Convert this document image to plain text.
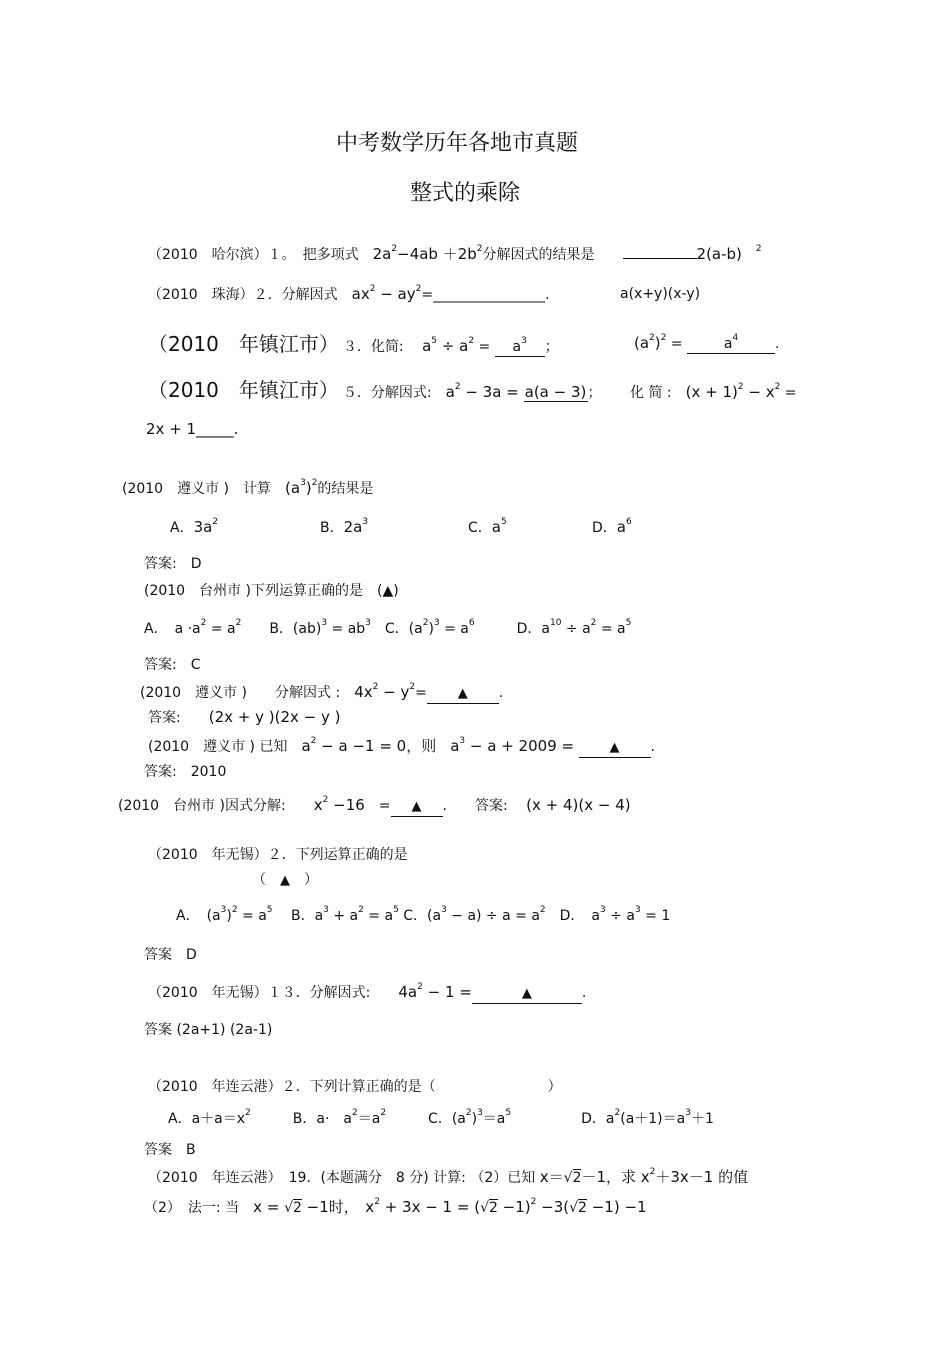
中考数学历年各地市真题
整式的乘除
（2010　哈尔滨）１。　 把多项式　 $2a^2-4ab +2b^2$分解因式的结果是　　	2(a-b)　 $^2$
（2010　珠海）２．分解因式　 $ax^2$ − $ay^2=\_\_\_\_\_\_\_\_\_\_\_\_\_\_\_\_$.	a(x+y)(x-y)
（2010　年镇江市）　 ３．化简:　 $a^5 \div a^2 = a^3$ ；	$(a^2)^2$ =	$a^4$	.
（2010　年镇江市）　 ５．分解因式:　 $a^2 - 3a = a(a - 3)$； 化 简 :　 $(x + 1)^2 - x^2$ =
2x + 1_____.
(2010　遵义市 )　 计算　 $(a^3)^2$的结果是
A．$3a^2$	B．$2a^3$	C．$a^5$	D．$a^6$
答案:　D
(2010　台州市 )下列运算正确的是　 (▲)
A．　$a \cdot a^2 = a^2$　　 B．$(ab)^3 = ab^3$　 C．$(a^2)^3 = a^6$　　　	D．$a^{10} \div a^2 = a^5$
答案:　C
(2010　遵义市 )　　 分解因式 :　 $4x^2 - y^2=$ ▲ .
答案:　　 (2x + y )(2x − y )
(2010　遵义市 ) 已知　 $a^2 - a -1 = 0$，则　 $a^3 - a + 2009$ =	▲ .
答案:　2010
(2010　台州市 )因式分解:　　 $x^2 -16$　 = ▲ .　　 答案:　 (x + 4)(x − 4)
（2010　年无锡）２．下列运算正确的是
（　 ▲　 ）
A．　$(a^3)^2 = a^5$　 B．$a^3 + a^2 = a^5$ C．$(a^3 - a) \div a = a^2$　 D．　$a^3 \div a^3 = 1$
答案　D
（2010　年无锡）１３．分解因式:　　 $4a^2 - 1$ =	▲	.
答案 (2a+1) (2a-1)
（2010　年连云港）２．下列计算正确的是（　　　　　　　　	）
A．$a+a=x^2$　　　	B．a·　$a^2=a^2$　　　	C．$(a^2)^3=a^5$　　　　　	D．$a^2(a+1)=a^3+1$
答案　B
（2010　年连云港）　19．(本题满分　8 分) 计算: （2）已知 x＝√2－1，求 $x^2+3x-1$ 的值
（2）　法一: 当　 x = √2 −1时，　 $x^2 + 3x - 1 = (√2 -1)^2 -3(√2 -1) -1$
